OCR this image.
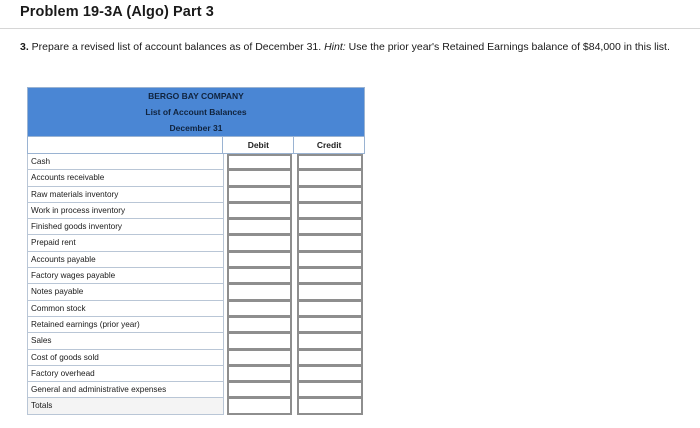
Problem 19-3A (Algo) Part 3
3. Prepare a revised list of account balances as of December 31. Hint: Use the prior year's Retained Earnings balance of $84,000 in this list.
BERGO BAY COMPANY
List of Account Balances
December 31
Debit	Credit
Cash
Accounts receivable
Raw materials inventory
Work in process inventory
Finished goods inventory
Prepaid rent
Accounts payable
Factory wages payable
Notes payable
Common stock
Retained earnings (prior year)
Sales
Cost of goods sold
Factory overhead
General and administrative expenses
Totals
